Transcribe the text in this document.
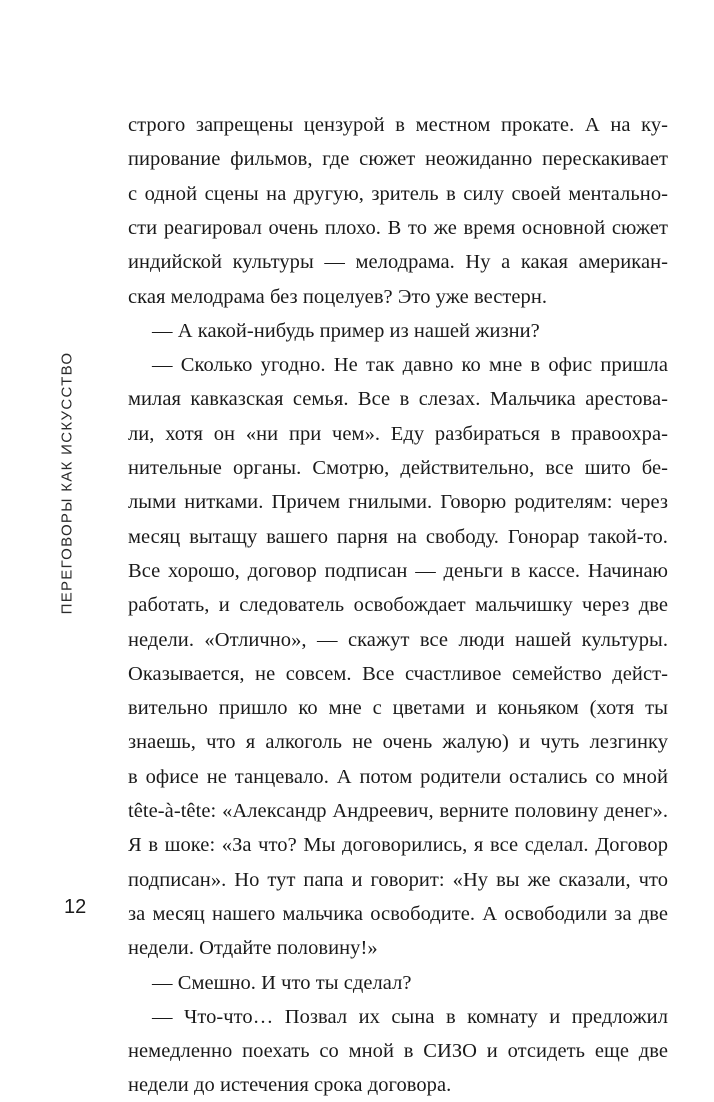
ПЕРЕГОВОРЫ КАК ИСКУССТВО
строго запрещены цензурой в местном прокате. А на ку-
пирование фильмов, где сюжет неожиданно перескакивает
с одной сцены на другую, зритель в силу своей ментально-
сти реагировал очень плохо. В то же время основной сюжет
индийской культуры — мелодрама. Ну а какая американ-
ская мелодрама без поцелуев? Это уже вестерн.
— А какой-нибудь пример из нашей жизни?
— Сколько угодно. Не так давно ко мне в офис пришла
милая кавказская семья. Все в слезах. Мальчика арестова-
ли, хотя он «ни при чем». Еду разбираться в правоохра-
нительные органы. Смотрю, действительно, все шито бе-
лыми нитками. Причем гнилыми. Говорю родителям: через
месяц вытащу вашего парня на свободу. Гонорар такой-то.
Все хорошо, договор подписан — деньги в кассе. Начинаю
работать, и следователь освобождает мальчишку через две
недели. «Отлично», — скажут все люди нашей культуры.
Оказывается, не совсем. Все счастливое семейство дейст-
вительно пришло ко мне с цветами и коньяком (хотя ты
знаешь, что я алкоголь не очень жалую) и чуть лезгинку
в офисе не танцевало. А потом родители остались со мной
tête-à-tête: «Александр Андреевич, верните половину денег».
Я в шоке: «За что? Мы договорились, я все сделал. Договор
подписан». Но тут папа и говорит: «Ну вы же сказали, что
за месяц нашего мальчика освободите. А освободили за две
недели. Отдайте половину!»
— Смешно. И что ты сделал?
— Что-что… Позвал их сына в комнату и предложил
немедленно поехать со мной в СИЗО и отсидеть еще две
недели до истечения срока договора.
12
